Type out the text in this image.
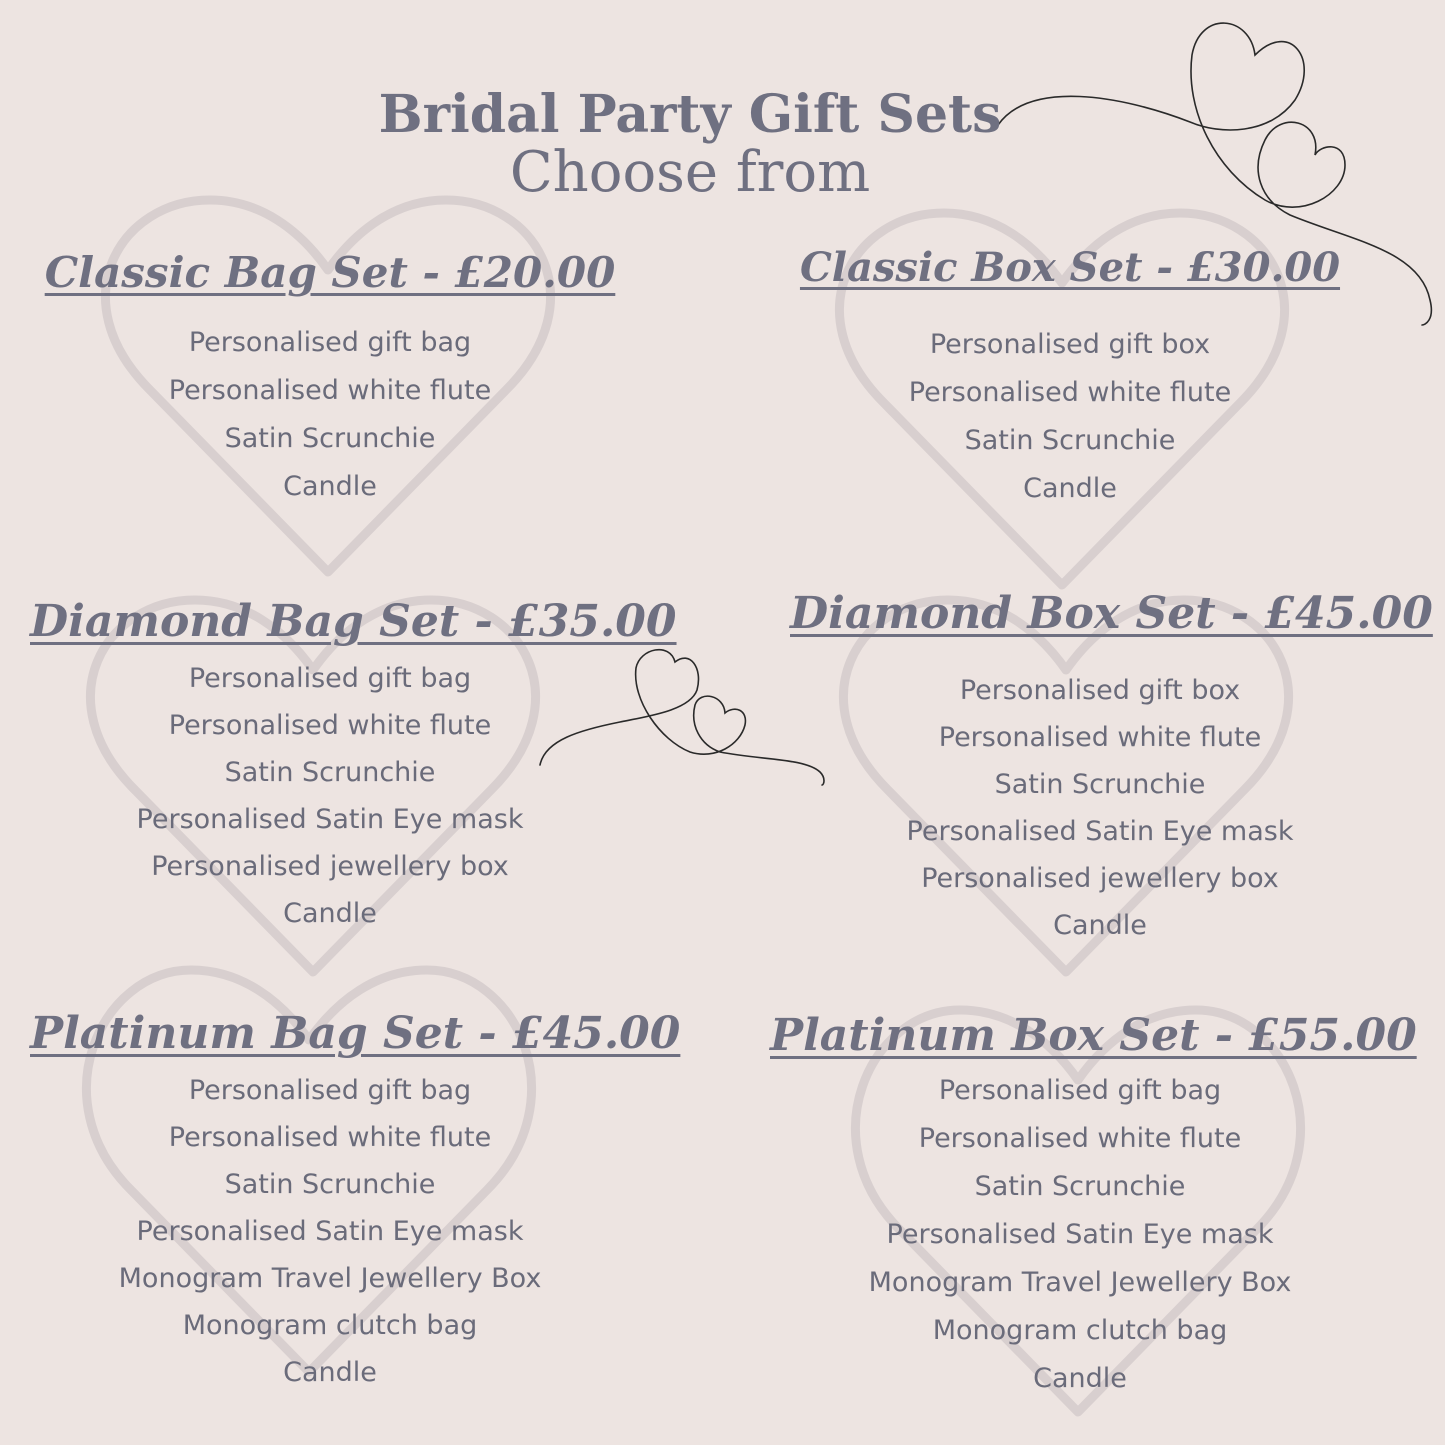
Bridal Party Gift Sets
Choose from
Classic Bag Set - £20.00
Personalised gift bag
Personalised white flute
Satin Scrunchie
Candle
Classic Box Set - £30.00
Personalised gift box
Personalised white flute
Satin Scrunchie
Candle
Diamond Bag Set - £35.00
Personalised gift bag
Personalised white flute
Satin Scrunchie
Personalised Satin Eye mask
Personalised jewellery box
Candle
Diamond Box Set - £45.00
Personalised gift box
Personalised white flute
Satin Scrunchie
Personalised Satin Eye mask
Personalised jewellery box
Candle
Platinum Bag Set - £45.00
Personalised gift bag
Personalised white flute
Satin Scrunchie
Personalised Satin Eye mask
Monogram Travel Jewellery Box
Monogram clutch bag
Candle
Platinum Box Set - £55.00
Personalised gift bag
Personalised white flute
Satin Scrunchie
Personalised Satin Eye mask
Monogram Travel Jewellery Box
Monogram clutch bag
Candle
